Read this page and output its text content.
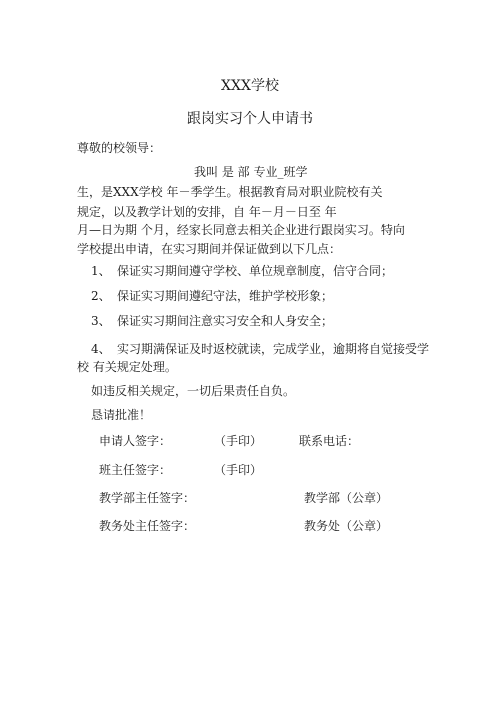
XXX学校
跟岗实习个人申请书
尊敬的校领导：
我叫 是 部 专业_班学
生，是XXX学校 年－季学生。根据教育局对职业院校有关
规定，以及教学计划的安排，自 年－月－日至 年
月—日为期 个月，经家长同意去相关企业进行跟岗实习。特向
学校提出申请，在实习期间并保证做到以下几点：
1、 保证实习期间遵守学校、单位规章制度，信守合同；
2、 保证实习期间遵纪守法，维护学校形象；
3、 保证实习期间注意实习安全和人身安全；
4、 实习期满保证及时返校就读，完成学业，逾期将自觉接受学
校 有关规定处理。
如违反相关规定，一切后果责任自负。
恳请批准！
申请人签字：	（手印）	联系电话：
班主任签字：	（手印）
教学部主任签字：	教学部（公章）
教务处主任签字：	教务处（公章）
